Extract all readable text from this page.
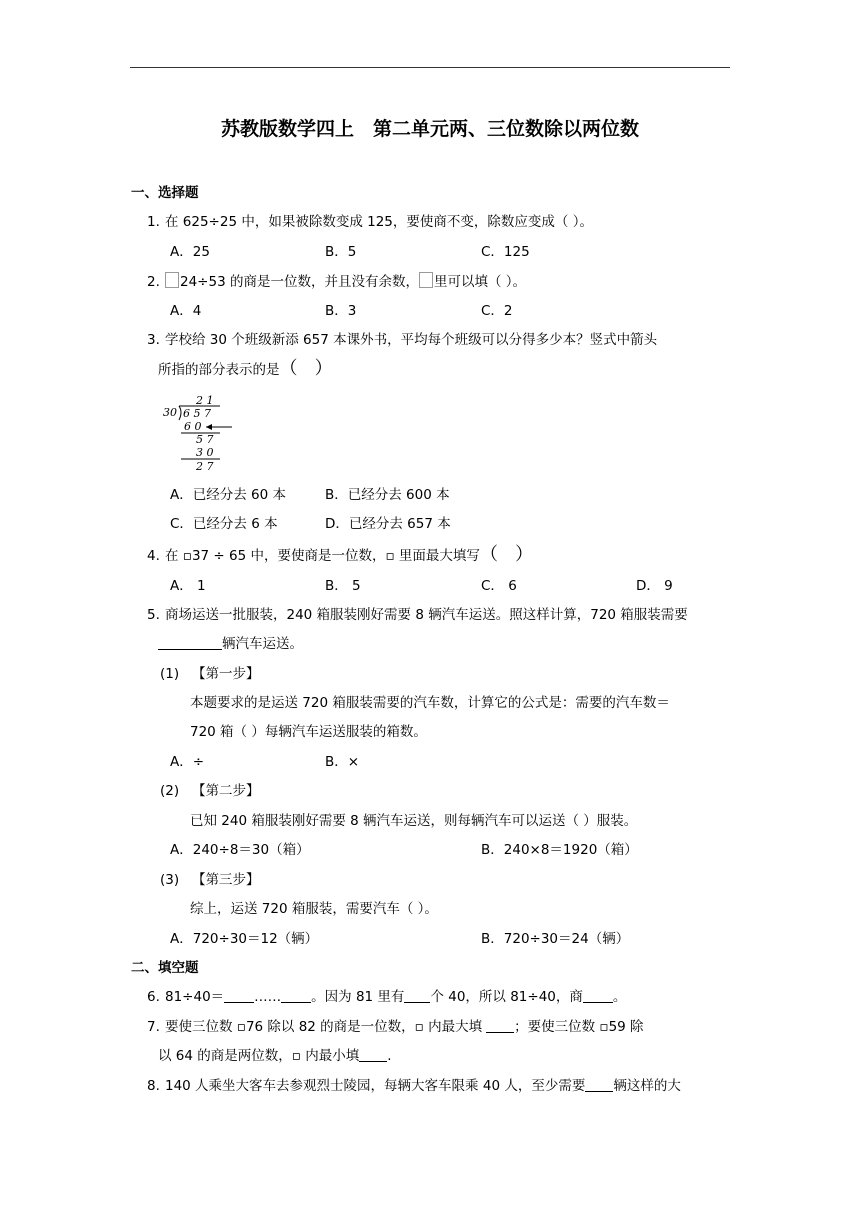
苏教版数学四上　第二单元两、三位数除以两位数
一、选择题
1. 在 625÷25 中，如果被除数变成 125，要使商不变，除数应变成（ ）。
A．25	B．5	C．125
2. 24÷53 的商是一位数，并且没有余数， 里可以填（ ）。
A．4	B．3	C．2
3. 学校给 30 个班级新添 657 本课外书，平均每个班级可以分得多少本？竖式中箭头
所指的部分表示的是（   ）
2 1
30 6 5 7
6 0
5 7
3 0
2 7
A．已经分去 60 本	B．已经分去 600 本
C．已经分去 6 本	D．已经分去 657 本
4. 在 ▫37 ÷ 65 中，要使商是一位数，▫ 里面最大填写（   ）
A． 1	B． 5	C． 6	D． 9
5. 商场运送一批服装，240 箱服装刚好需要 8 辆汽车运送。照这样计算，720 箱服装需要
辆汽车运送。
(1) 【第一步】
本题要求的是运送 720 箱服装需要的汽车数，计算它的公式是：需要的汽车数＝
720 箱（ ）每辆汽车运送服装的箱数。
A．÷	B．×
(2) 【第二步】
已知 240 箱服装刚好需要 8 辆汽车运送，则每辆汽车可以运送（ ）服装。
A．240÷8＝30（箱）	B．240×8＝1920（箱）
(3) 【第三步】
综上，运送 720 箱服装，需要汽车（ ）。
A．720÷30＝12（辆）	B．720÷30＝24（辆）
二、填空题
6. 81÷40＝ …… 。因为 81 里有 个 40，所以 81÷40，商 。
7. 要使三位数 ▫76 除以 82 的商是一位数，▫ 内最大填 ；要使三位数 ▫59 除
以 64 的商是两位数，▫ 内最小填 .
8. 140 人乘坐大客车去参观烈士陵园，每辆大客车限乘 40 人，至少需要 辆这样的大
